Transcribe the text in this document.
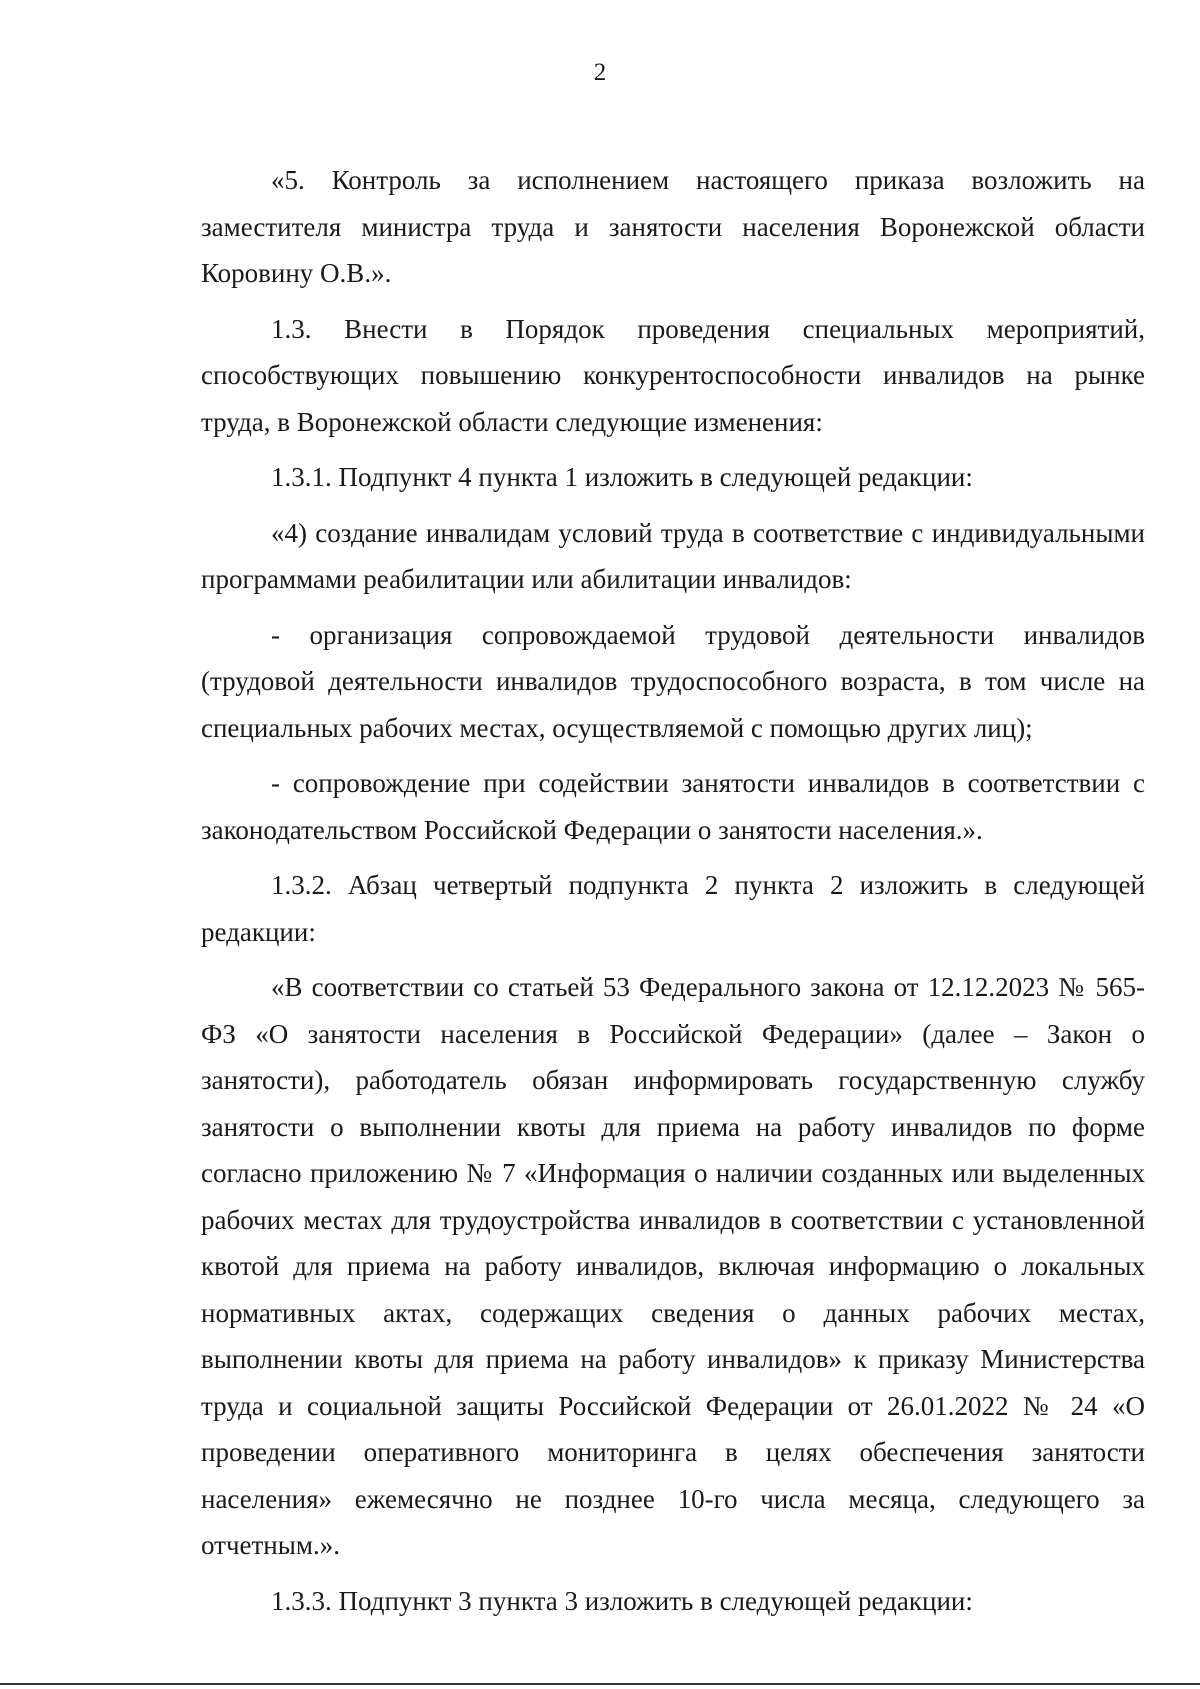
2

«5. Контроль за исполнением настоящего приказа возложить на заместителя министра труда и занятости населения Воронежской области Коровину О.В.».

1.3. Внести в Порядок проведения специальных мероприятий, способствующих повышению конкурентоспособности инвалидов на рынке труда, в Воронежской области следующие изменения:

1.3.1. Подпункт 4 пункта 1 изложить в следующей редакции:

«4) создание инвалидам условий труда в соответствие с индивидуальными программами реабилитации или абилитации инвалидов:

- организация сопровождаемой трудовой деятельности инвалидов (трудовой деятельности инвалидов трудоспособного возраста, в том числе на специальных рабочих местах, осуществляемой с помощью других лиц);

- сопровождение при содействии занятости инвалидов в соответствии с законодательством Российской Федерации о занятости населения.».

1.3.2. Абзац четвертый подпункта 2 пункта 2 изложить в следующей редакции:

«В соответствии со статьей 53 Федерального закона от 12.12.2023 № 565-ФЗ «О занятости населения в Российской Федерации» (далее – Закон о занятости), работодатель обязан информировать государственную службу занятости о выполнении квоты для приема на работу инвалидов по форме согласно приложению № 7 «Информация о наличии созданных или выделенных рабочих местах для трудоустройства инвалидов в соответствии с установленной квотой для приема на работу инвалидов, включая информацию о локальных нормативных актах, содержащих сведения о данных рабочих местах, выполнении квоты для приема на работу инвалидов» к приказу Министерства труда и социальной защиты Российской Федерации от 26.01.2022 № 24 «О проведении оперативного мониторинга в целях обеспечения занятости населения» ежемесячно не позднее 10-го числа месяца, следующего за отчетным.».

1.3.3. Подпункт 3 пункта 3 изложить в следующей редакции:
